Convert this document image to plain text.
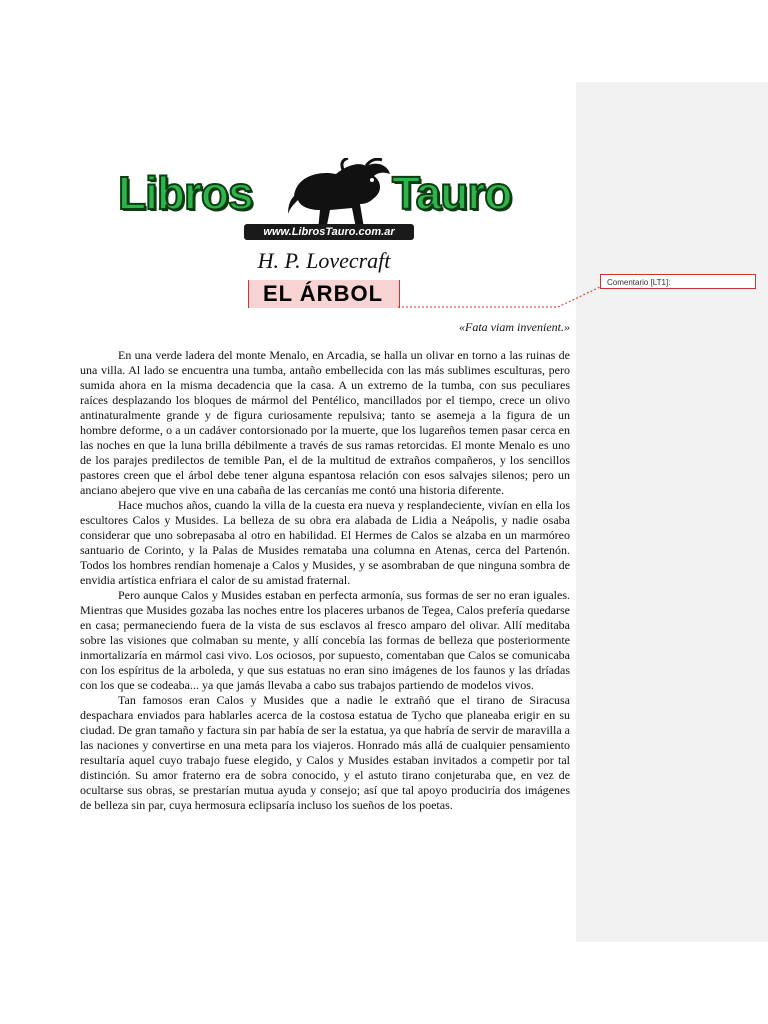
Libros	Tauro
www.LibrosTauro.com.ar
H. P. Lovecraft
EL ÁRBOL	Comentario [LT1]:
«Fata viam invenient.»

En una verde ladera del monte Menalo, en Arcadia, se halla un olivar en torno a las ruinas de una villa. Al lado se encuentra una tumba, antaño embellecida con las más sublimes esculturas, pero sumida ahora en la misma decadencia que la casa. A un extremo de la tumba, con sus peculiares raíces desplazando los bloques de mármol del Pentélico, mancillados por el tiempo, crece un olivo antinaturalmente grande y de figura curiosamente repulsiva; tanto se asemeja a la figura de un hombre deforme, o a un cadáver contorsionado por la muerte, que los lugareños temen pasar cerca en las noches en que la luna brilla débilmente a través de sus ramas retorcidas. El monte Menalo es uno de los parajes predilectos de temible Pan, el de la multitud de extraños compañeros, y los sencillos pastores creen que el árbol debe tener alguna espantosa relación con esos salvajes silenos; pero un anciano abejero que vive en una cabaña de las cercanías me contó una historia diferente.

Hace muchos años, cuando la villa de la cuesta era nueva y resplandeciente, vivían en ella los escultores Calos y Musides. La belleza de su obra era alabada de Lidia a Neápolis, y nadie osaba considerar que uno sobrepasaba al otro en habilidad. El Hermes de Calos se alzaba en un marmóreo santuario de Corinto, y la Palas de Musides remataba una columna en Atenas, cerca del Partenón. Todos los hombres rendían homenaje a Calos y Musides, y se asombraban de que ninguna sombra de envidia artística enfriara el calor de su amistad fraternal.

Pero aunque Calos y Musides estaban en perfecta armonía, sus formas de ser no eran iguales. Mientras que Musides gozaba las noches entre los placeres urbanos de Tegea, Calos prefería quedarse en casa; permaneciendo fuera de la vista de sus esclavos al fresco amparo del olivar. Allí meditaba sobre las visiones que colmaban su mente, y allí concebía las formas de belleza que posteriormente inmortalizaría en mármol casi vivo. Los ociosos, por supuesto, comentaban que Calos se comunicaba con los espíritus de la arboleda, y que sus estatuas no eran sino imágenes de los faunos y las dríadas con los que se codeaba... ya que jamás llevaba a cabo sus trabajos partiendo de modelos vivos.

Tan famosos eran Calos y Musides que a nadie le extrañó que el tirano de Siracusa despachara enviados para hablarles acerca de la costosa estatua de Tycho que planeaba erigir en su ciudad. De gran tamaño y factura sin par había de ser la estatua, ya que habría de servir de maravilla a las naciones y convertirse en una meta para los viajeros. Honrado más allá de cualquier pensamiento resultaría aquel cuyo trabajo fuese elegido, y Calos y Musides estaban invitados a competir por tal distinción. Su amor fraterno era de sobra conocido, y el astuto tirano conjeturaba que, en vez de ocultarse sus obras, se prestarían mutua ayuda y consejo; así que tal apoyo produciría dos imágenes de belleza sin par, cuya hermosura eclipsaría incluso los sueños de los poetas.
